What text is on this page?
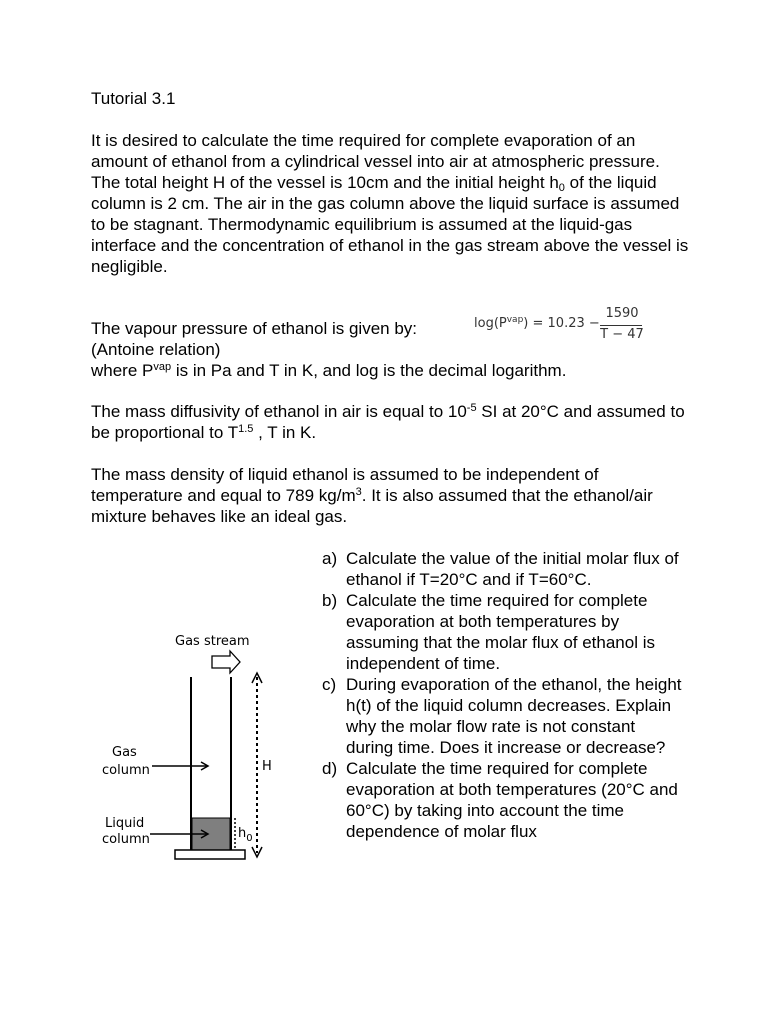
Tutorial 3.1

It is desired to calculate the time required for complete evaporation of an amount of ethanol from a cylindrical vessel into air at atmospheric pressure. The total height H of the vessel is 10cm and the initial height $h_0$ of the liquid column is 2 cm. The air in the gas column above the liquid surface is assumed to be stagnant. Thermodynamic equilibrium is assumed at the liquid-gas interface and the concentration of ethanol in the gas stream above the vessel is negligible.

The vapour pressure of ethanol is given by:

(Antoine relation)

where $P^{vap}$ is in Pa and T in K, and log is the decimal logarithm.

$\log(P^{vap}) = 10.23$ −
1590
T − 47

The mass diffusivity of ethanol in air is equal to $10^{-5}$ SI at 20°C and assumed to be proportional to $T^{1.5}$ , T in K.

The mass density of liquid ethanol is assumed to be independent of temperature and equal to 789 $kg/m^3$. It is also assumed that the ethanol/air mixture behaves like an ideal gas.

a) Calculate the value of the initial molar flux of ethanol if T=20°C and if T=60°C.
b) Calculate the time required for complete evaporation at both temperatures by assuming that the molar flux of ethanol is independent of time.
c) During evaporation of the ethanol, the height h(t) of the liquid column decreases. Explain why the molar flow rate is not constant during time. Does it increase or decrease?
d) Calculate the time required for complete evaporation at both temperatures (20°C and 60°C) by taking into account the time dependence of molar flux
Gas stream
H
$h_0$
Gas
column
Liquid
column
